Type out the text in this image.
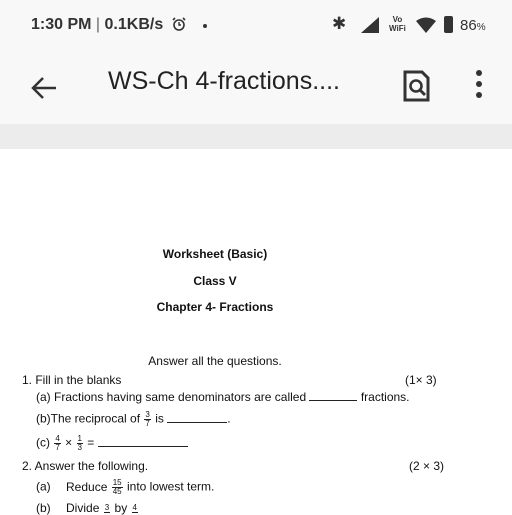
1:30 PM | 0.1KB/s	✱	Vo
WiFi	86%
WS-Ch 4-fractions....
Worksheet (Basic)
Class V
Chapter 4- Fractions
Answer all the questions.
1. Fill in the blanks	(1× 3)
(a) Fractions having same denominators are called	fractions.
(b)The reciprocal of $\frac{3}{7}$ is	.
$(c) \frac{4}{7} \times \frac{1}{3}$ =
2. Answer the following.	(2 × 3)
(a) Reduce $\frac{15}{45}$ into lowest term.
(b) Divide 3 by 4
